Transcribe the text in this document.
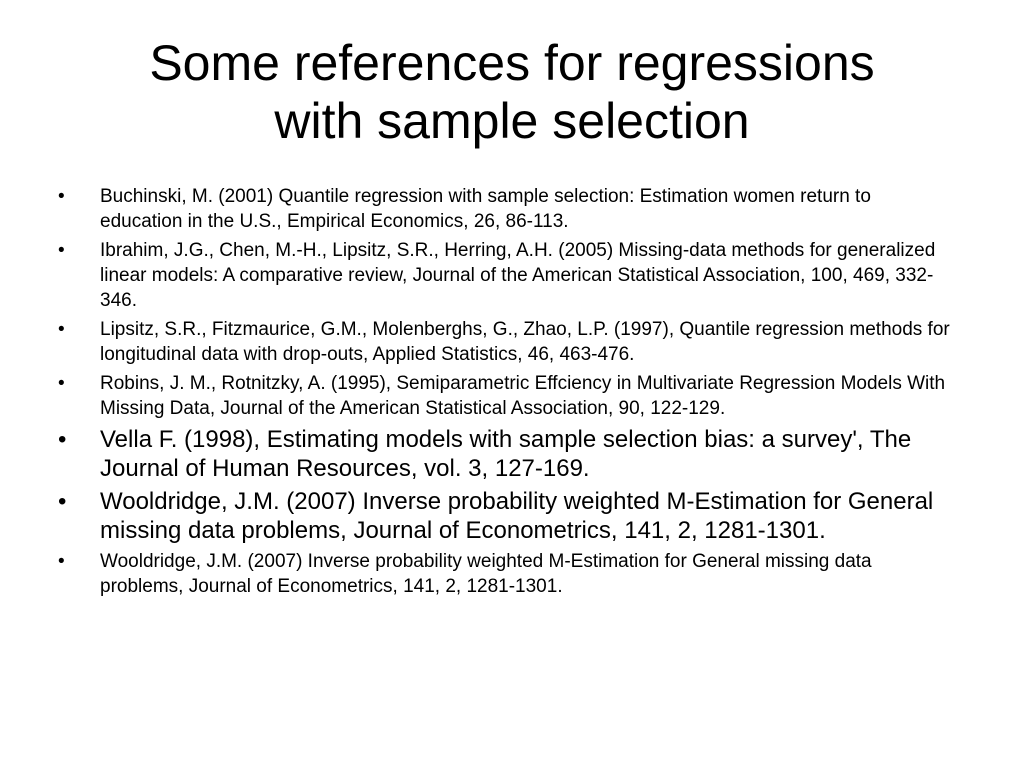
Some references for regressions
with sample selection
• Buchinski, M. (2001) Quantile regression with sample selection: Estimation women return to education in the U.S., Empirical Economics, 26, 86-113.
• Ibrahim, J.G., Chen, M.-H., Lipsitz, S.R., Herring, A.H. (2005) Missing-data methods for generalized linear models: A comparative review, Journal of the American Statistical Association, 100, 469, 332-346.
• Lipsitz, S.R., Fitzmaurice, G.M., Molenberghs, G., Zhao, L.P. (1997), Quantile regression methods for longitudinal data with drop-outs, Applied Statistics, 46, 463-476.
• Robins, J. M., Rotnitzky, A. (1995), Semiparametric Effciency in Multivariate Regression Models With Missing Data, Journal of the American Statistical Association, 90, 122-129.
• Vella F. (1998), Estimating models with sample selection bias: a survey', The Journal of Human Resources, vol. 3, 127-169.
• Wooldridge, J.M. (2007) Inverse probability weighted M-Estimation for General missing data problems, Journal of Econometrics, 141, 2, 1281-1301.
• Wooldridge, J.M. (2007) Inverse probability weighted M-Estimation for General missing data problems, Journal of Econometrics, 141, 2, 1281-1301.
